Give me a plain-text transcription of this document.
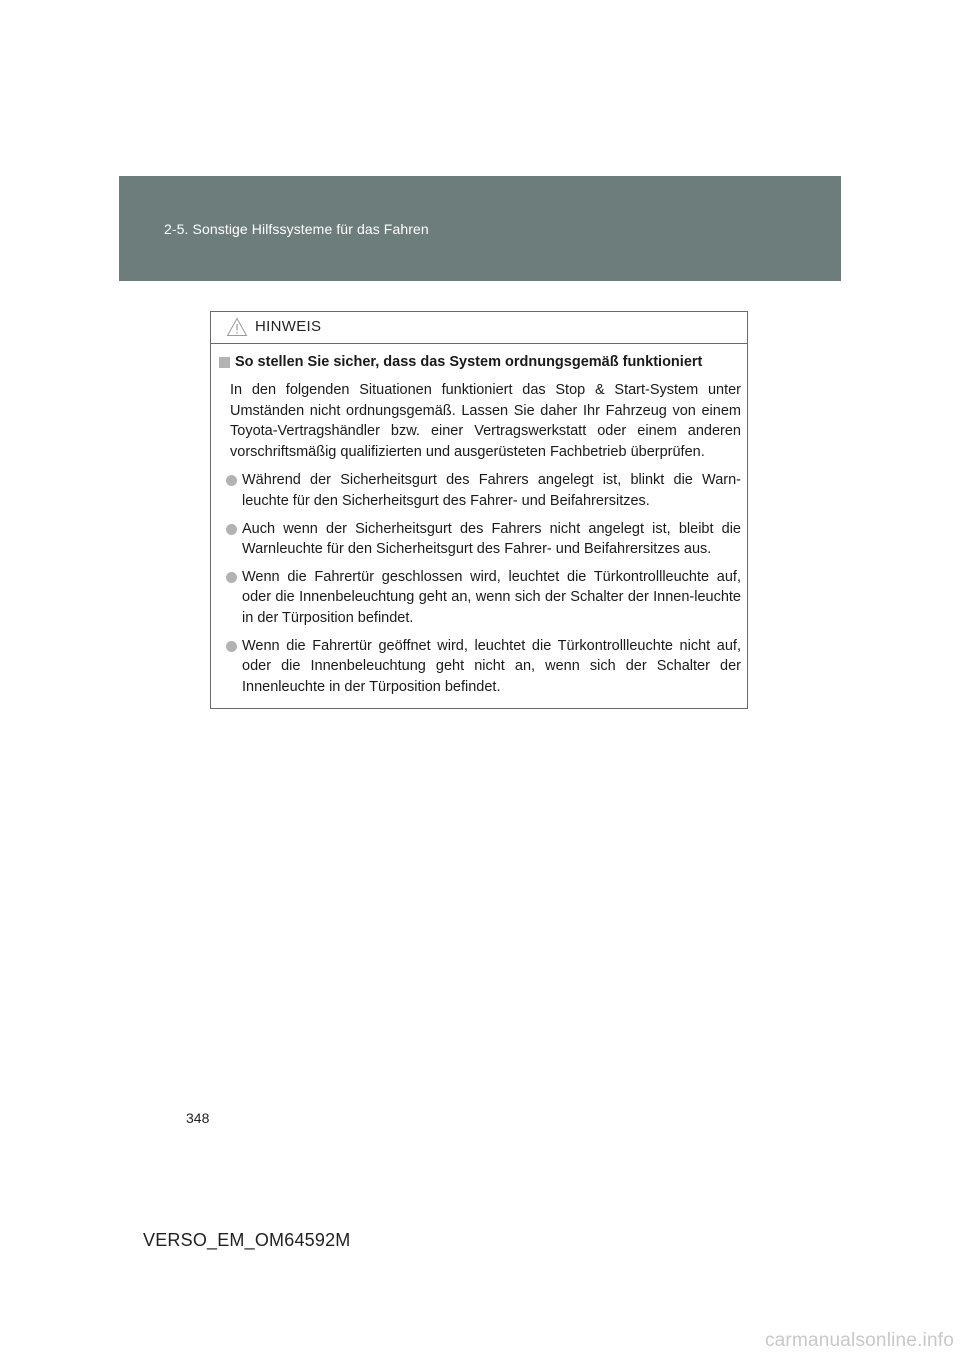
2-5. Sonstige Hilfssysteme für das Fahren
HINWEIS
So stellen Sie sicher, dass das System ordnungsgemäß funktioniert

In den folgenden Situationen funktioniert das Stop & Start-System unter Umständen nicht ordnungsgemäß. Lassen Sie daher Ihr Fahrzeug von einem Toyota-Vertragshändler bzw. einer Vertragswerkstatt oder einem anderen vorschriftsmäßig qualifizierten und ausgerüsteten Fachbetrieb überprüfen.

Während der Sicherheitsgurt des Fahrers angelegt ist, blinkt die Warn-leuchte für den Sicherheitsgurt des Fahrer- und Beifahrersitzes.
Auch wenn der Sicherheitsgurt des Fahrers nicht angelegt ist, bleibt die Warnleuchte für den Sicherheitsgurt des Fahrer- und Beifahrersitzes aus.
Wenn die Fahrertür geschlossen wird, leuchtet die Türkontrollleuchte auf, oder die Innenbeleuchtung geht an, wenn sich der Schalter der Innen-leuchte in der Türposition befindet.
Wenn die Fahrertür geöffnet wird, leuchtet die Türkontrollleuchte nicht auf, oder die Innenbeleuchtung geht nicht an, wenn sich der Schalter der Innenleuchte in der Türposition befindet.
348
VERSO_EM_OM64592M
carmanualsonline.info
